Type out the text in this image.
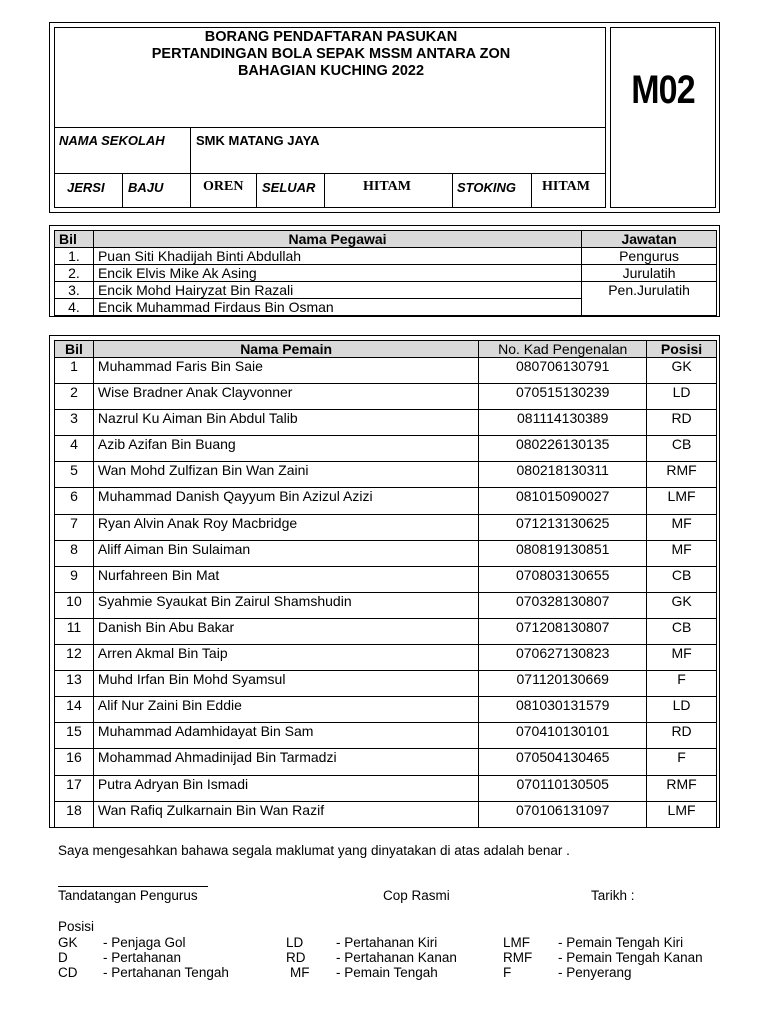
BORANG PENDAFTARAN PASUKAN
PERTANDINGAN BOLA SEPAK MSSM ANTARA ZON
BAHAGIAN KUCHING 2022
NAMA SEKOLAH SMK MATANG JAYA
JERSI BAJU	OREN SELUAR	HITAM	STOKING HITAM
M02
Bil	Nama Pegawai	Jawatan
1.	Puan Siti Khadijah Binti Abdullah	Pengurus
2.	Encik Elvis Mike Ak Asing	Jurulatih
3.	Encik Mohd Hairyzat Bin Razali	Pen.Jurulatih
4.	Encik Muhammad Firdaus Bin Osman	
Bil	Nama Pemain	No. Kad Pengenalan	Posisi
1	Muhammad Faris Bin Saie	080706130791	GK
2	Wise Bradner Anak Clayvonner	070515130239	LD
3	Nazrul Ku Aiman Bin Abdul Talib	081114130389	RD
4	Azib Azifan Bin Buang	080226130135	CB
5	Wan Mohd Zulfizan Bin Wan Zaini	080218130311	RMF
6	Muhammad Danish Qayyum Bin Azizul Azizi	081015090027	LMF
7	Ryan Alvin Anak Roy Macbridge	071213130625	MF
8	Aliff Aiman Bin Sulaiman	080819130851	MF
9	Nurfahreen Bin Mat	070803130655	CB
10	Syahmie Syaukat Bin Zairul Shamshudin	070328130807	GK
11	Danish Bin Abu Bakar	071208130807	CB
12	Arren Akmal Bin Taip	070627130823	MF
13	Muhd Irfan Bin Mohd Syamsul	071120130669	F
14	Alif Nur Zaini Bin Eddie	081030131579	LD
15	Muhammad Adamhidayat Bin Sam	070410130101	RD
16	Mohammad Ahmadinijad Bin Tarmadzi	070504130465	F
17	Putra Adryan Bin Ismadi	070110130505	RMF
18	Wan Rafiq Zulkarnain Bin Wan Razif	070106131097	LMF
Saya mengesahkan bahawa segala maklumat yang dinyatakan di atas adalah benar .
Tandatangan Pengurus	Cop Rasmi	Tarikh :
Posisi
GK - Penjaga Gol
D	- Pertahanan
CD - Pertahanan Tengah
LD - Pertahanan Kiri
RD - Pertahanan Kanan
MF - Pemain Tengah
LMF - Pemain Tengah Kiri
RMF - Pemain Tengah Kanan
F	- Penyerang
